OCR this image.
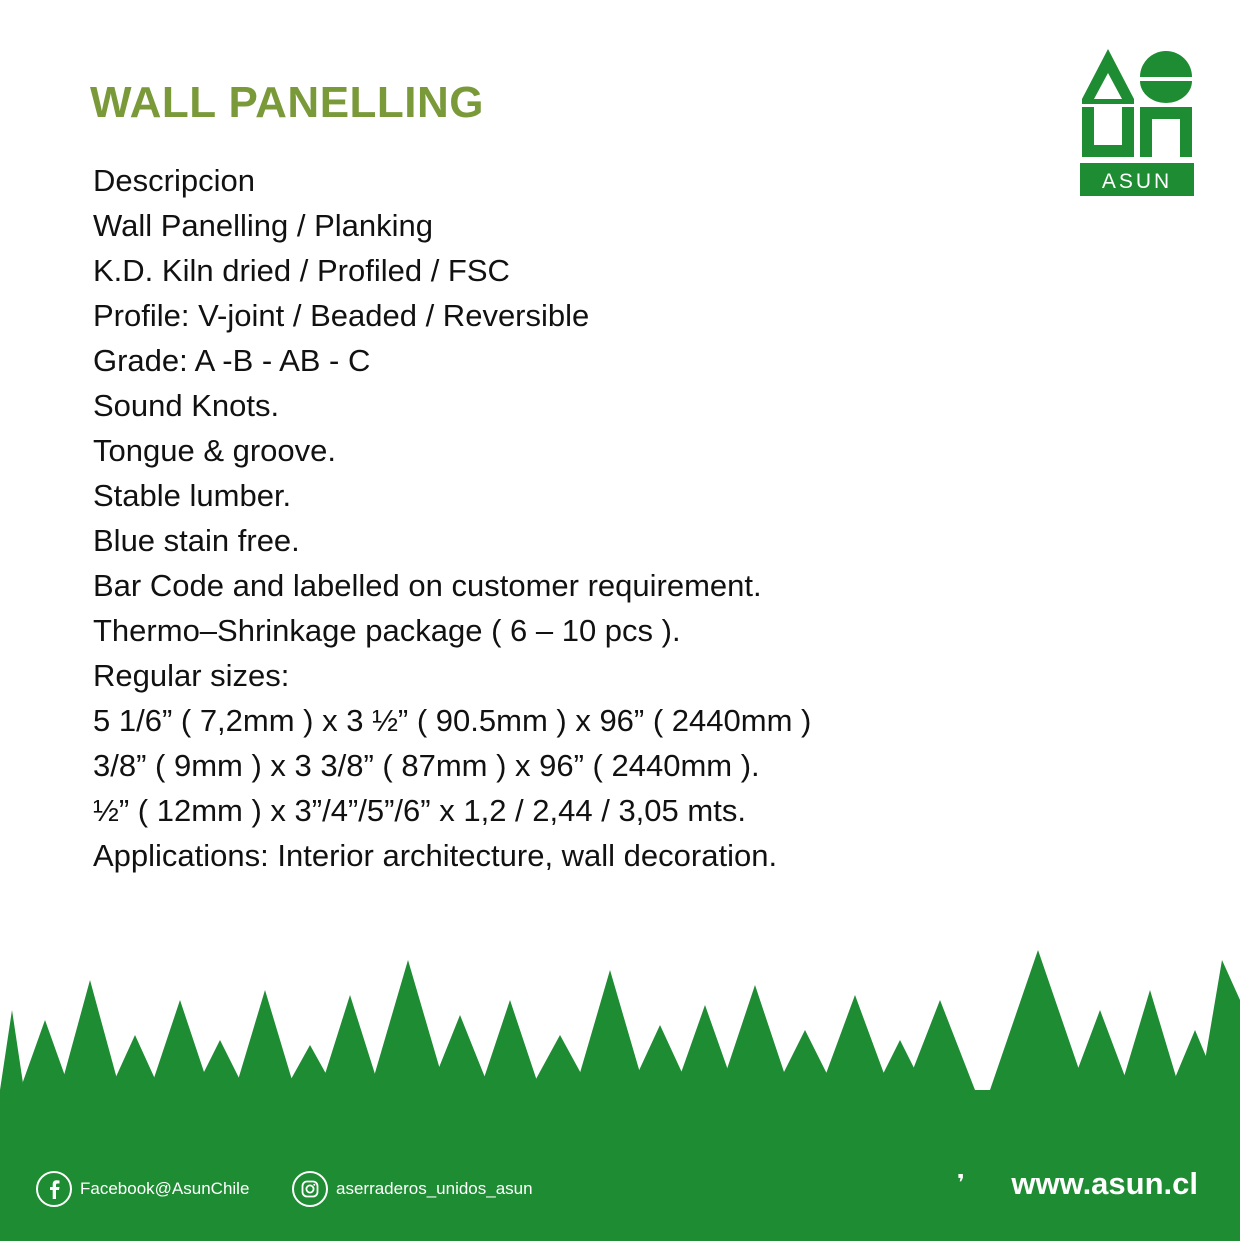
WALL PANELLING
Descripcion
Wall Panelling / Planking
K.D. Kiln dried / Profiled / FSC
Profile: V-joint / Beaded / Reversible
Grade: A -B - AB - C
Sound Knots.
Tongue & groove.
Stable lumber.
Blue stain free.
Bar Code and labelled on customer requirement.
Thermo–Shrinkage package ( 6 – 10 pcs ).
Regular sizes:
5 1/6” ( 7,2mm ) x 3 ½” ( 90.5mm ) x 96” ( 2440mm )
3/8” ( 9mm ) x 3 3/8” ( 87mm ) x 96” ( 2440mm ).
½” ( 12mm ) x 3”/4”/5”/6” x 1,2 / 2,44 / 3,05 mts.
Applications: Interior architecture, wall decoration.
ASUN
Facebook@AsunChile	aserraderos_unidos_asun	❜ www.asun.cl
